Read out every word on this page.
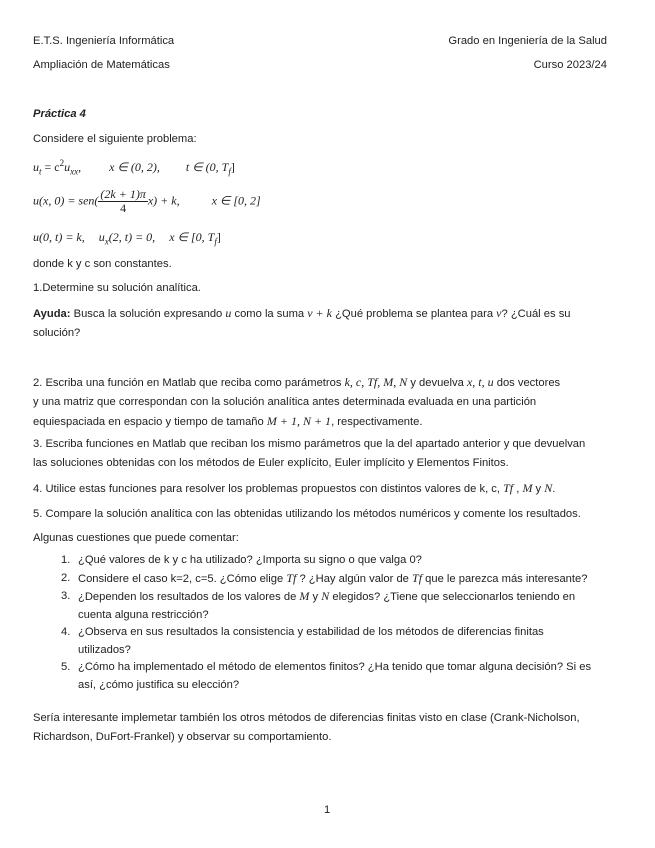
E.T.S. Ingeniería Informática	Grado en Ingeniería de la Salud
Ampliación de Matemáticas	Curso 2023/24
Práctica 4
Considere el siguiente problema:
$u_t = c^2u_{xx}$, x ∈ (0, 2), t ∈ (0, $T_f$]
u(x, $0) = sen( \frac{(2k + 1)\pi}{4} x) + k$,	x ∈ [0, 2]
u(0, t) = k, $u_x(2$, t) = 0, x ∈ [0, $T_f$]
donde k y c son constantes.
1.Determine su solución analítica.
Ayuda: Busca la solución expresando u como la suma v + k ¿Qué problema se plantea para v? ¿Cuál es su
solución?
2. Escriba una función en Matlab que reciba como parámetros k, c, Tf, M, N y devuelva x, t, u dos vectores
y una matriz que correspondan con la solución analítica antes determinada evaluada en una partición
equiespaciada en espacio y tiempo de tamaño M + 1, N + 1, respectivamente.
3. Escriba funciones en Matlab que reciban los mismo parámetros que la del apartado anterior y que devuelvan
las soluciones obtenidas con los métodos de Euler explícito, Euler implícito y Elementos Finitos.
4. Utilice estas funciones para resolver los problemas propuestos con distintos valores de k, c, Tf , M y N.
5. Compare la solución analítica con las obtenidas utilizando los métodos numéricos y comente los resultados.
Algunas cuestiones que puede comentar:
1. ¿Qué valores de k y c ha utilizado? ¿Importa su signo o que valga 0?
2. Considere el caso k=2, c=5. ¿Cómo elige Tf ? ¿Hay algún valor de Tf que le parezca más interesante?
3. ¿Dependen los resultados de los valores de M y N elegidos? ¿Tiene que seleccionarlos teniendo en
cuenta alguna restricción?
4. ¿Observa en sus resultados la consistencia y estabilidad de los métodos de diferencias finitas
utilizados?
5. ¿Cómo ha implementado el método de elementos finitos? ¿Ha tenido que tomar alguna decisión? Si es
así, ¿cómo justifica su elección?
Sería interesante implemetar también los otros métodos de diferencias finitas visto en clase (Crank-Nicholson,
Richardson, DuFort-Frankel) y observar su comportamiento.
1
